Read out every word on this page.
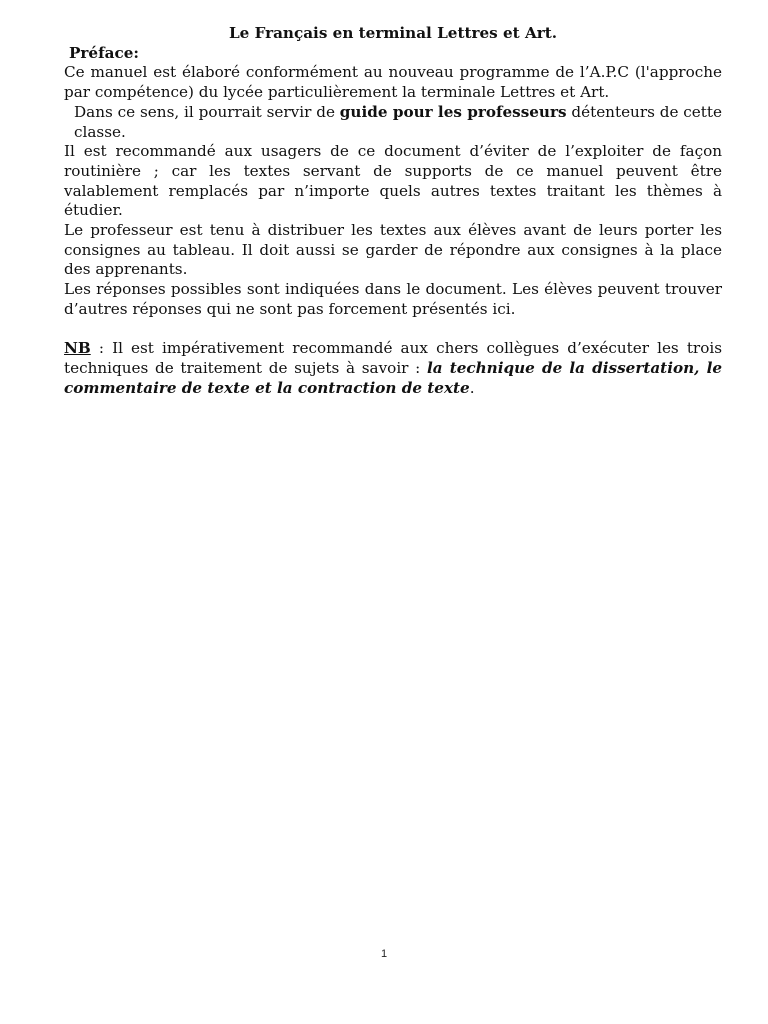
Le Français en terminal Lettres et Art.

Préface:

Ce manuel est élaboré conformément au nouveau programme de l’A.P.C (l'approche par compétence) du lycée particulièrement la terminale Lettres et Art.

Dans ce sens, il pourrait servir de guide pour les professeurs détenteurs de cette classe.

Il est recommandé aux usagers de ce document d’éviter de l’exploiter de façon routinière ; car les textes servant de supports de ce manuel peuvent être valablement remplacés par n’importe quels autres textes traitant les thèmes à étudier.

Le professeur est tenu à distribuer les textes aux élèves avant de leurs porter les consignes au tableau. Il doit aussi se garder de répondre aux consignes à la place des apprenants.

Les réponses possibles sont indiquées dans le document. Les élèves peuvent trouver d’autres réponses qui ne sont pas forcement présentés ici.

NB : Il est impérativement recommandé aux chers collègues d’exécuter les trois techniques de traitement de sujets à savoir : la technique de la dissertation, le commentaire de texte et la contraction de texte.

1
